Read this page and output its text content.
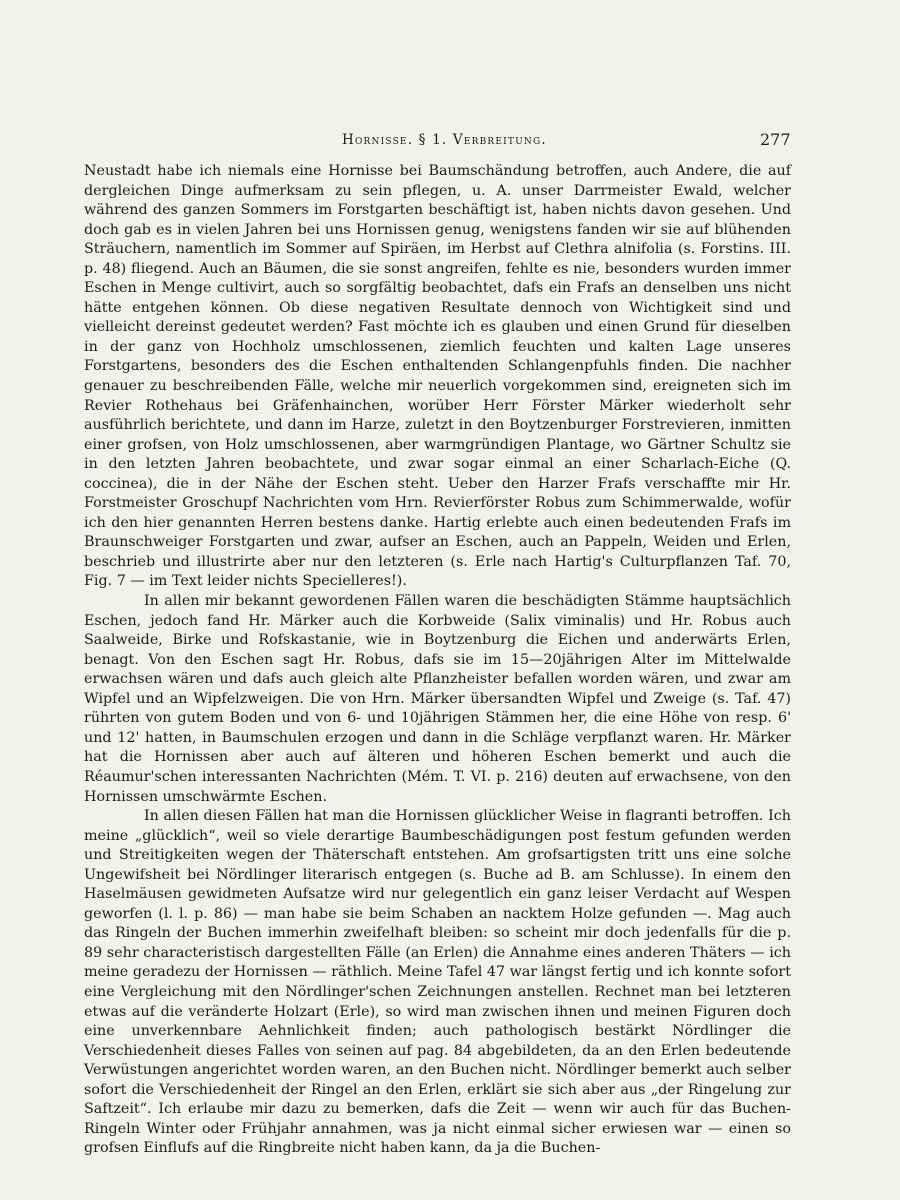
Hornisse. § 1. Verbreitung.	277

Neustadt habe ich niemals eine Hornisse bei Baumschändung betroffen, auch Andere, die auf dergleichen Dinge aufmerksam zu sein pflegen, u. A. unser Darrmeister Ewald, welcher während des ganzen Sommers im Forstgarten beschäftigt ist, haben nichts davon gesehen. Und doch gab es in vielen Jahren bei uns Hornissen genug, wenigstens fanden wir sie auf blühenden Sträuchern, namentlich im Sommer auf Spiräen, im Herbst auf Clethra alnifolia (s. Forstins. III. p. 48) fliegend. Auch an Bäumen, die sie sonst angreifen, fehlte es nie, besonders wurden immer Eschen in Menge cultivirt, auch so sorgfältig beobachtet, dafs ein Frafs an denselben uns nicht hätte entgehen können. Ob diese negativen Resultate dennoch von Wichtigkeit sind und vielleicht dereinst gedeutet werden? Fast möchte ich es glauben und einen Grund für dieselben in der ganz von Hochholz umschlossenen, ziemlich feuchten und kalten Lage unseres Forstgartens, besonders des die Eschen enthaltenden Schlangenpfuhls finden. Die nachher genauer zu beschreibenden Fälle, welche mir neuerlich vorgekommen sind, ereigneten sich im Revier Rothehaus bei Gräfenhainchen, worüber Herr Förster Märker wiederholt sehr ausführlich berichtete, und dann im Harze, zuletzt in den Boytzenburger Forstrevieren, inmitten einer grofsen, von Holz umschlossenen, aber warmgründigen Plantage, wo Gärtner Schultz sie in den letzten Jahren beobachtete, und zwar sogar einmal an einer Scharlach-Eiche (Q. coccinea), die in der Nähe der Eschen steht. Ueber den Harzer Frafs verschaffte mir Hr. Forstmeister Groschupf Nachrichten vom Hrn. Revierförster Robus zum Schimmerwalde, wofür ich den hier genannten Herren bestens danke. Hartig erlebte auch einen bedeutenden Frafs im Braunschweiger Forstgarten und zwar, aufser an Eschen, auch an Pappeln, Weiden und Erlen, beschrieb und illustrirte aber nur den letzteren (s. Erle nach Hartig's Culturpflanzen Taf. 70, Fig. 7 — im Text leider nichts Specielleres!).

In allen mir bekannt gewordenen Fällen waren die beschädigten Stämme hauptsächlich Eschen, jedoch fand Hr. Märker auch die Korbweide (Salix viminalis) und Hr. Robus auch Saalweide, Birke und Rofskastanie, wie in Boytzenburg die Eichen und anderwärts Erlen, benagt. Von den Eschen sagt Hr. Robus, dafs sie im 15—20jährigen Alter im Mittelwalde erwachsen wären und dafs auch gleich alte Pflanzheister befallen worden wären, und zwar am Wipfel und an Wipfelzweigen. Die von Hrn. Märker übersandten Wipfel und Zweige (s. Taf. 47) rührten von gutem Boden und von 6- und 10jährigen Stämmen her, die eine Höhe von resp. 6' und 12' hatten, in Baumschulen erzogen und dann in die Schläge verpflanzt waren. Hr. Märker hat die Hornissen aber auch auf älteren und höheren Eschen bemerkt und auch die Réaumur'schen interessanten Nachrichten (Mém. T. VI. p. 216) deuten auf erwachsene, von den Hornissen umschwärmte Eschen.

In allen diesen Fällen hat man die Hornissen glücklicher Weise in flagranti betroffen. Ich meine „glücklich“, weil so viele derartige Baumbeschädigungen post festum gefunden werden und Streitigkeiten wegen der Thäterschaft entstehen. Am grofsartigsten tritt uns eine solche Ungewifsheit bei Nördlinger literarisch entgegen (s. Buche ad B. am Schlusse). In einem den Haselmäusen gewidmeten Aufsatze wird nur gelegentlich ein ganz leiser Verdacht auf Wespen geworfen (l. l. p. 86) — man habe sie beim Schaben an nacktem Holze gefunden —. Mag auch das Ringeln der Buchen immerhin zweifelhaft bleiben: so scheint mir doch jedenfalls für die p. 89 sehr characteristisch dargestellten Fälle (an Erlen) die Annahme eines anderen Thäters — ich meine geradezu der Hornissen — räthlich. Meine Tafel 47 war längst fertig und ich konnte sofort eine Vergleichung mit den Nördlinger'schen Zeichnungen anstellen. Rechnet man bei letzteren etwas auf die veränderte Holzart (Erle), so wird man zwischen ihnen und meinen Figuren doch eine unverkennbare Aehnlichkeit finden; auch pathologisch bestärkt Nördlinger die Verschiedenheit dieses Falles von seinen auf pag. 84 abgebildeten, da an den Erlen bedeutende Verwüstungen angerichtet worden waren, an den Buchen nicht. Nördlinger bemerkt auch selber sofort die Verschiedenheit der Ringel an den Erlen, erklärt sie sich aber aus „der Ringelung zur Saftzeit“. Ich erlaube mir dazu zu bemerken, dafs die Zeit — wenn wir auch für das Buchen-Ringeln Winter oder Frühjahr annahmen, was ja nicht einmal sicher erwiesen war — einen so grofsen Einflufs auf die Ringbreite nicht haben kann, da ja die Buchen-
